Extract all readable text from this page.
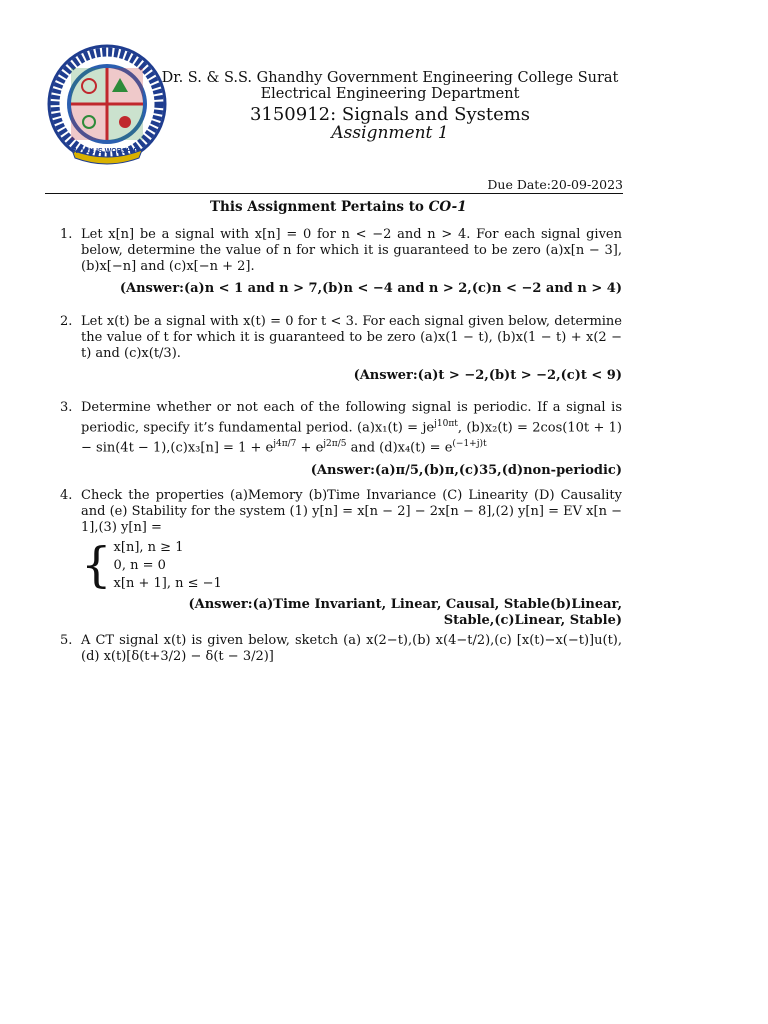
WORK IS WORSHIP
Dr. S. & S.S. Ghandhy Government Engineering College Surat
Electrical Engineering Department
3150912: Signals and Systems
Assignment 1
Due Date:20-09-2023
This Assignment Pertains to CO-1
1. Let x[n] be a signal with x[n] = 0 for n < −2 and n > 4. For each signal given below, determine the value of n for which it is guaranteed to be zero (a)x[n − 3],(b)x[−n] and (c)x[−n + 2].
(Answer:(a)n < 1 and n > 7,(b)n < −4 and n > 2,(c)n < −2 and n > 4)
2. Let x(t) be a signal with x(t) = 0 for t < 3. For each signal given below, determine the value of t for which it is guaranteed to be zero (a)x(1 − t), (b)x(1 − t) + x(2 − t) and (c)x(t/3).
(Answer:(a)t > −2,(b)t > −2,(c)t < 9)
3. Determine whether or not each of the following signal is periodic. If a signal is periodic, specify it’s fundamental period. $(a)x_1(t) = je^{j10\pi t}$, $(b)x_2(t) = 2\cos(10t + 1) - \sin(4t - 1),(c)x_3[n] = 1 + e^{j4\pi/7} + e^{j2\pi/5}$ and $(d)x_4(t) = e^{(-1+j)t}$
(Answer:(a)π/5,(b)π,(c)35,(d)non-periodic)
4. Check the properties (a)Memory (b)Time Invariance (C) Linearity (D) Causality and (e) Stability for the system (1) y[n] = x[n − 2] − 2x[n − 8],(2) y[n] = EV x[n − 1],(3) y[n] =
{ x[n], n ≥ 1
0, n = 0
x[n + 1], n ≤ −1
(Answer:(a)Time Invariant, Linear, Causal, Stable(b)Linear,
Stable,(c)Linear, Stable)
5. A CT signal x(t) is given below, sketch (a) x(2−t),(b) x(4−t/2),(c) [x(t)−x(−t)]u(t),(d) x(t)[δ(t+3/2) − δ(t − 3/2)]
